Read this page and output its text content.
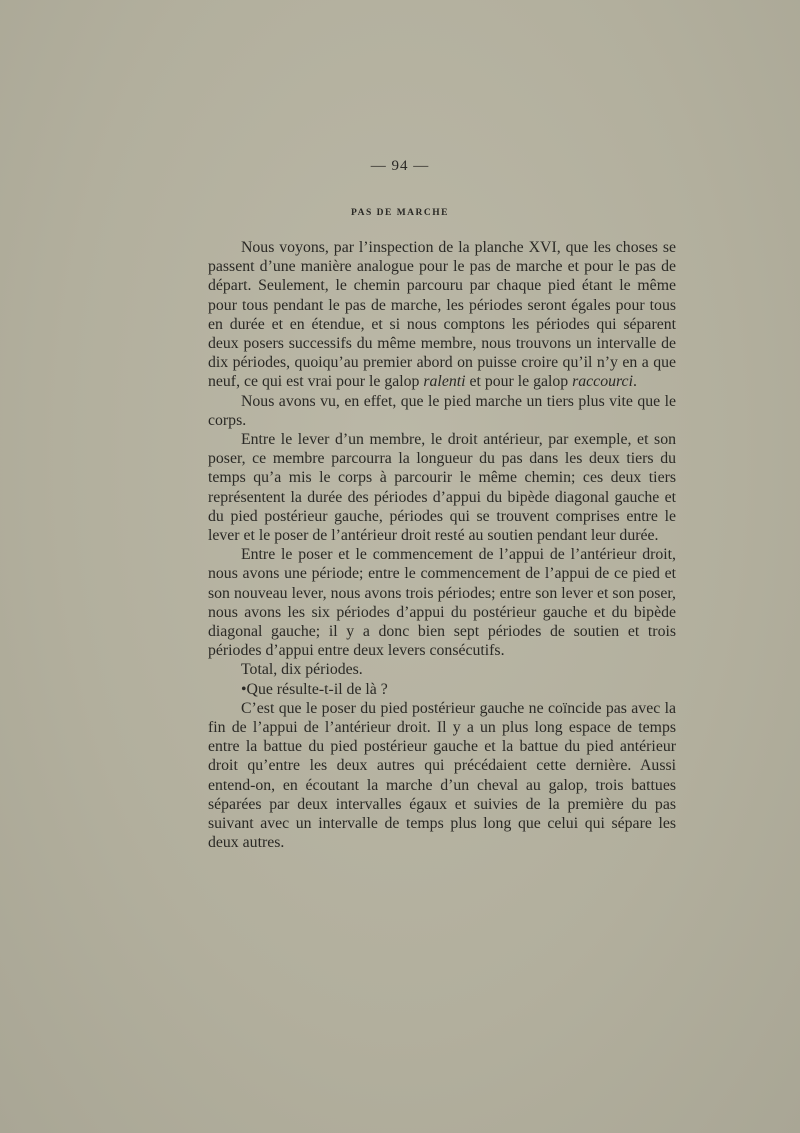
— 94 —
PAS DE MARCHE

Nous voyons, par l’inspection de la planche XVI, que les choses se passent d’une manière analogue pour le pas de marche et pour le pas de départ. Seulement, le chemin parcouru par chaque pied étant le même pour tous pendant le pas de marche, les périodes seront égales pour tous en durée et en étendue, et si nous comptons les périodes qui séparent deux posers successifs du même membre, nous trouvons un intervalle de dix périodes, quoiqu’au premier abord on puisse croire qu’il n’y en a que neuf, ce qui est vrai pour le galop ralenti et pour le galop raccourci.

Nous avons vu, en effet, que le pied marche un tiers plus vite que le corps.

Entre le lever d’un membre, le droit antérieur, par exemple, et son poser, ce membre parcourra la longueur du pas dans les deux tiers du temps qu’a mis le corps à parcourir le même chemin; ces deux tiers représentent la durée des périodes d’appui du bipède diagonal gauche et du pied postérieur gauche, périodes qui se trouvent comprises entre le lever et le poser de l’antérieur droit resté au soutien pendant leur durée.

Entre le poser et le commencement de l’appui de l’antérieur droit, nous avons une période; entre le commencement de l’appui de ce pied et son nouveau lever, nous avons trois périodes; entre son lever et son poser, nous avons les six périodes d’appui du postérieur gauche et du bipède diagonal gauche; il y a donc bien sept périodes de soutien et trois périodes d’appui entre deux levers consécutifs.

Total, dix périodes.

•Que résulte-t-il de là ?

C’est que le poser du pied postérieur gauche ne coïncide pas avec la fin de l’appui de l’antérieur droit. Il y a un plus long espace de temps entre la battue du pied postérieur gauche et la battue du pied antérieur droit qu’entre les deux autres qui précédaient cette dernière. Aussi entend-on, en écoutant la marche d’un cheval au galop, trois battues séparées par deux intervalles égaux et suivies de la première du pas suivant avec un intervalle de temps plus long que celui qui sépare les deux autres.
